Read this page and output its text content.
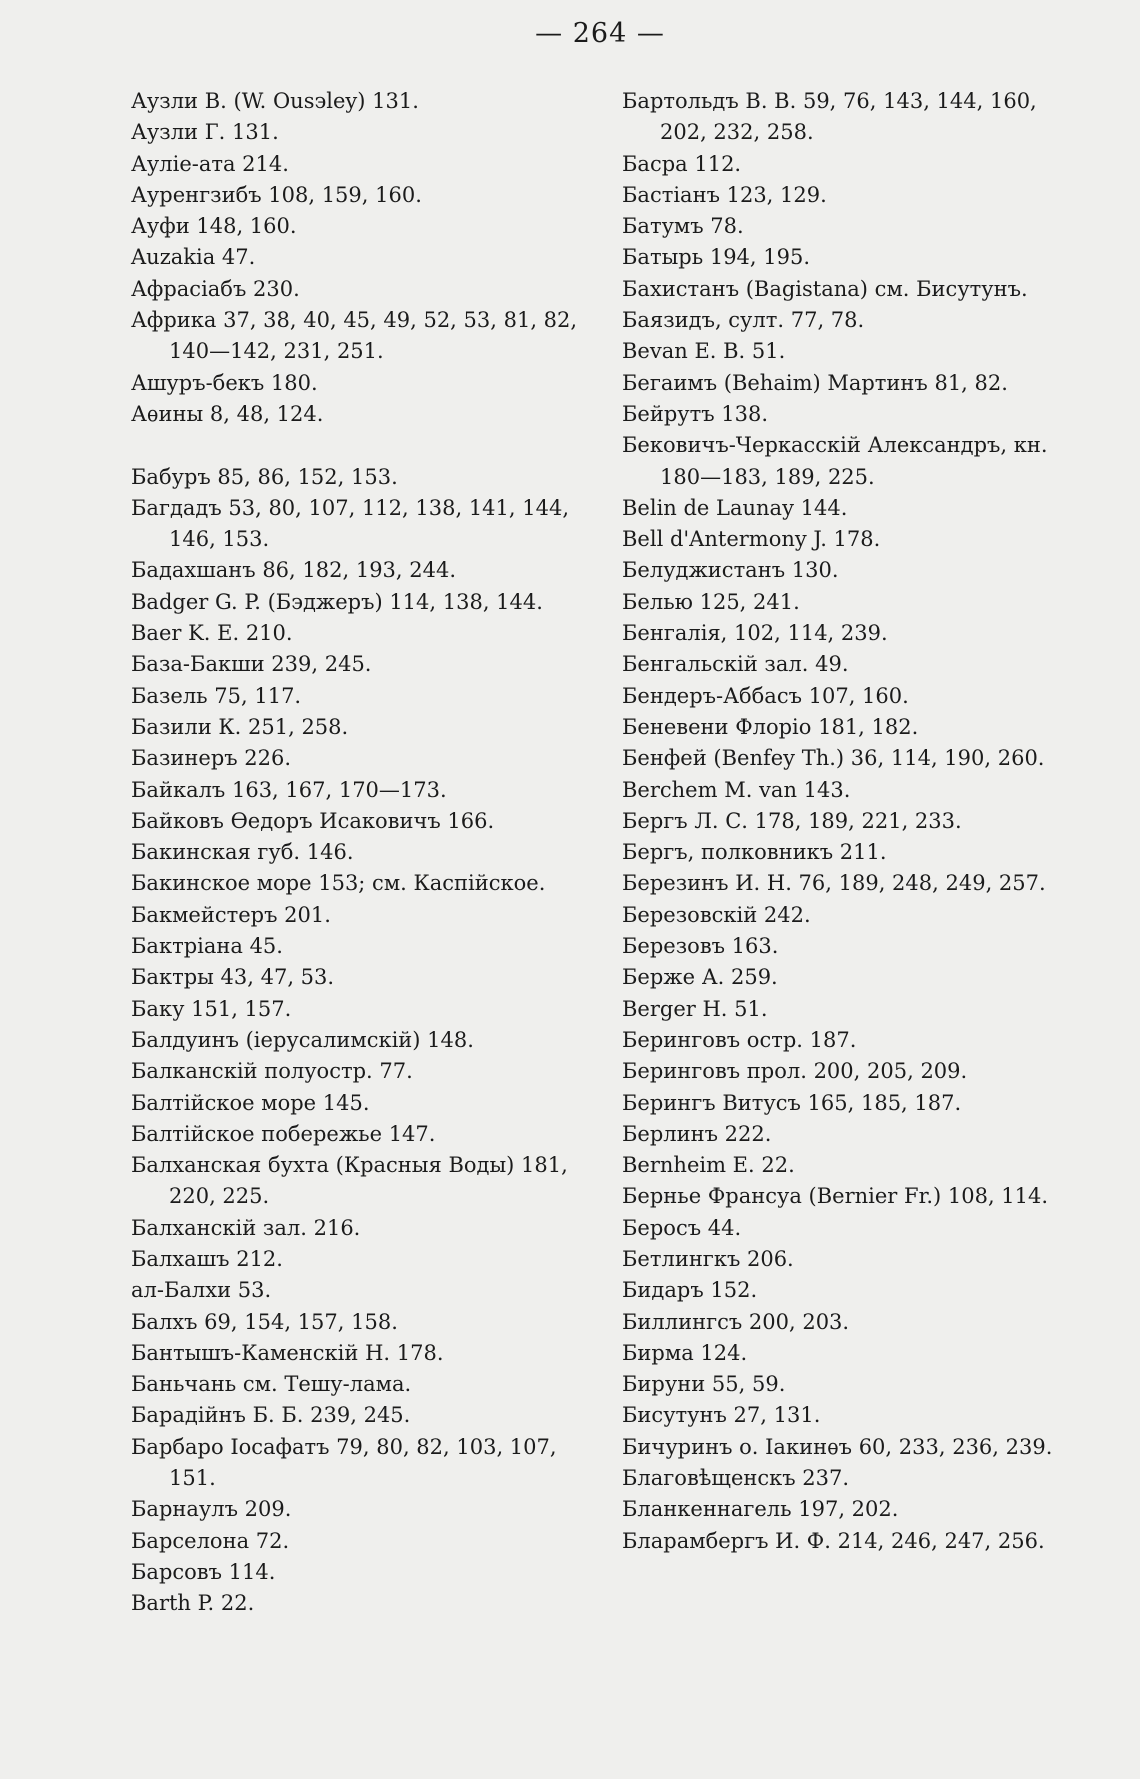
— 264 —
Аузли В. (W. Ousэley) 131.
Аузли Г. 131.
Ауліе-ата 214.
Ауренгзибъ 108, 159, 160.
Ауфи 148, 160.
Auzakia 47.
Афрасіабъ 230.
Африка 37, 38, 40, 45, 49, 52, 53, 81, 82, 140—142, 231, 251.
Ашуръ-бекъ 180.
Аѳины 8, 48, 124.
Бабуръ 85, 86, 152, 153.
Багдадъ 53, 80, 107, 112, 138, 141, 144, 146, 153.
Бадахшанъ 86, 182, 193, 244.
Badger G. P. (Бэджеръ) 114, 138, 144.
Baer K. E. 210.
База-Бакши 239, 245.
Базель 75, 117.
Базили К. 251, 258.
Базинеръ 226.
Байкалъ 163, 167, 170—173.
Байковъ Ѳедоръ Исаковичъ 166.
Бакинская губ. 146.
Бакинское море 153; см. Каспійское.
Бакмейстеръ 201.
Бактріана 45.
Бактры 43, 47, 53.
Баку 151, 157.
Балдуинъ (іерусалимскій) 148.
Балканскій полуостр. 77.
Балтійское море 145.
Балтійское побережье 147.
Балханская бухта (Красныя Воды) 181, 220, 225.
Балханскій зал. 216.
Балхашъ 212.
ал-Балхи 53.
Балхъ 69, 154, 157, 158.
Бантышъ-Каменскій Н. 178.
Баньчань см. Тешу-лама.
Барадійнъ Б. Б. 239, 245.
Барбаро Іосафатъ 79, 80, 82, 103, 107, 151.
Барнаулъ 209.
Барселона 72.
Барсовъ 114.
Barth P. 22.
Бартольдъ В. В. 59, 76, 143, 144, 160, 202, 232, 258.
Басра 112.
Бастіанъ 123, 129.
Батумъ 78.
Батырь 194, 195.
Бахистанъ (Bagistana) см. Бисутунъ.
Баязидъ, султ. 77, 78.
Bevan E. B. 51.
Бегаимъ (Behaim) Мартинъ 81, 82.
Бейрутъ 138.
Бековичъ-Черкасскій Александръ, кн. 180—183, 189, 225.
Belin de Launay 144.
Bell d'Antermony J. 178.
Белуджистанъ 130.
Белью 125, 241.
Бенгалія, 102, 114, 239.
Бенгальскій зал. 49.
Бендеръ-Аббасъ 107, 160.
Беневени Флоріо 181, 182.
Бенфей (Benfey Th.) 36, 114, 190, 260.
Berchem M. van 143.
Бергъ Л. С. 178, 189, 221, 233.
Бергъ, полковникъ 211.
Березинъ И. Н. 76, 189, 248, 249, 257.
Березовскій 242.
Березовъ 163.
Берже А. 259.
Berger H. 51.
Беринговъ остр. 187.
Беринговъ прол. 200, 205, 209.
Берингъ Витусъ 165, 185, 187.
Берлинъ 222.
Bernheim E. 22.
Бернье Франсуа (Bernier Fr.) 108, 114.
Беросъ 44.
Бетлингкъ 206.
Бидаръ 152.
Биллингсъ 200, 203.
Бирма 124.
Бируни 55, 59.
Бисутунъ 27, 131.
Бичуринъ о. Іакинѳъ 60, 233, 236, 239.
Благовѣщенскъ 237.
Бланкеннагель 197, 202.
Бларамбергъ И. Ф. 214, 246, 247, 256.
